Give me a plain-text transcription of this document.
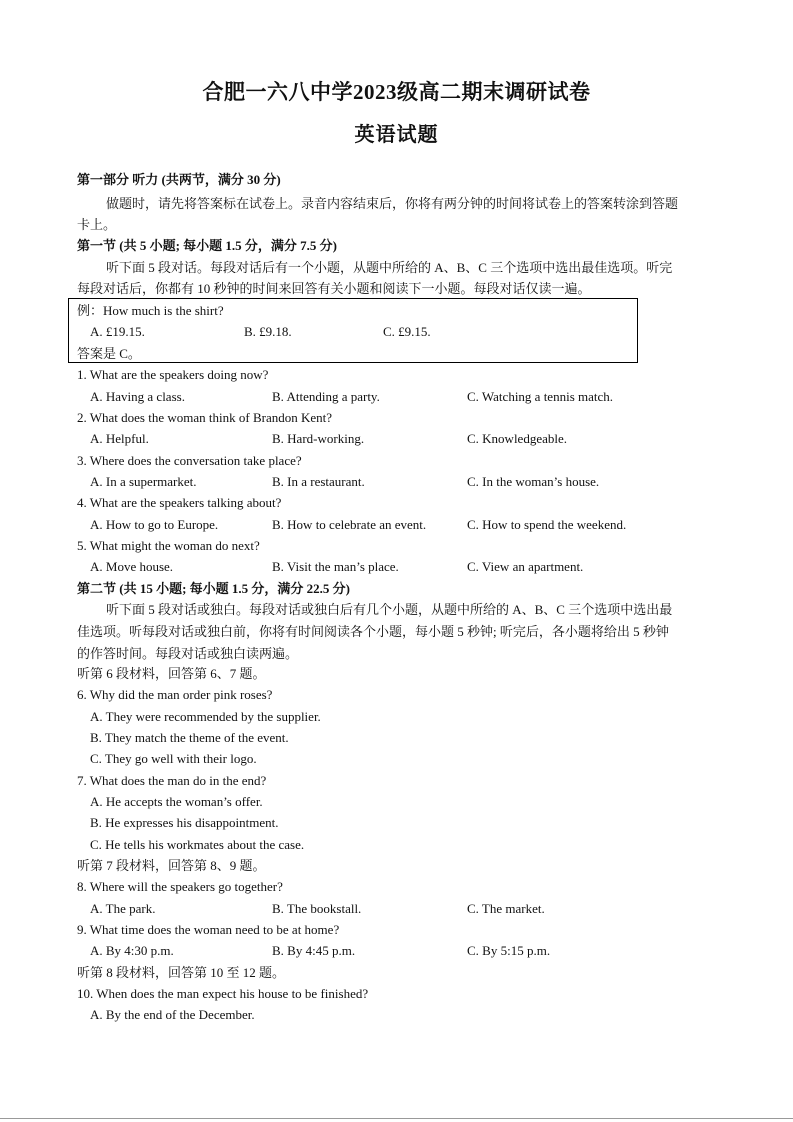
合肥一六八中学2023级高二期末调研试卷
英语试题
第一部分 听力 (共两节，满分 30 分)
做题时，请先将答案标在试卷上。录音内容结束后，你将有两分钟的时间将试卷上的答案转涂到答题
卡上。
第一节 (共 5 小题; 每小题 1.5 分，满分 7.5 分)
听下面 5 段对话。每段对话后有一个小题，从题中所给的 A、B、C 三个选项中选出最佳选项。听完
每段对话后，你都有 10 秒钟的时间来回答有关小题和阅读下一小题。每段对话仅读一遍。
例：How much is the shirt?
A. £19.15.	B. £9.18.	C. £9.15.
答案是 C。
1. What are the speakers doing now?
A. Having a class.	B. Attending a party.	C. Watching a tennis match.
2. What does the woman think of Brandon Kent?
A. Helpful.	B. Hard-working.	C. Knowledgeable.
3. Where does the conversation take place?
A. In a supermarket.	B. In a restaurant.	C. In the woman’s house.
4. What are the speakers talking about?
A. How to go to Europe.	B. How to celebrate an event.	C. How to spend the weekend.
5. What might the woman do next?
A. Move house.	B. Visit the man’s place.	C. View an apartment.
第二节 (共 15 小题; 每小题 1.5 分，满分 22.5 分)
听下面 5 段对话或独白。每段对话或独白后有几个小题，从题中所给的 A、B、C 三个选项中选出最
佳选项。听每段对话或独白前，你将有时间阅读各个小题，每小题 5 秒钟; 听完后，各小题将给出 5 秒钟
的作答时间。每段对话或独白读两遍。
听第 6 段材料，回答第 6、7 题。
6. Why did the man order pink roses?
A. They were recommended by the supplier.
B. They match the theme of the event.
C. They go well with their logo.
7. What does the man do in the end?
A. He accepts the woman’s offer.
B. He expresses his disappointment.
C. He tells his workmates about the case.
听第 7 段材料，回答第 8、9 题。
8. Where will the speakers go together?
A. The park.	B. The bookstall.	C. The market.
9. What time does the woman need to be at home?
A. By 4:30 p.m.	B. By 4:45 p.m.	C. By 5:15 p.m.
听第 8 段材料，回答第 10 至 12 题。
10. When does the man expect his house to be finished?
A. By the end of the December.
